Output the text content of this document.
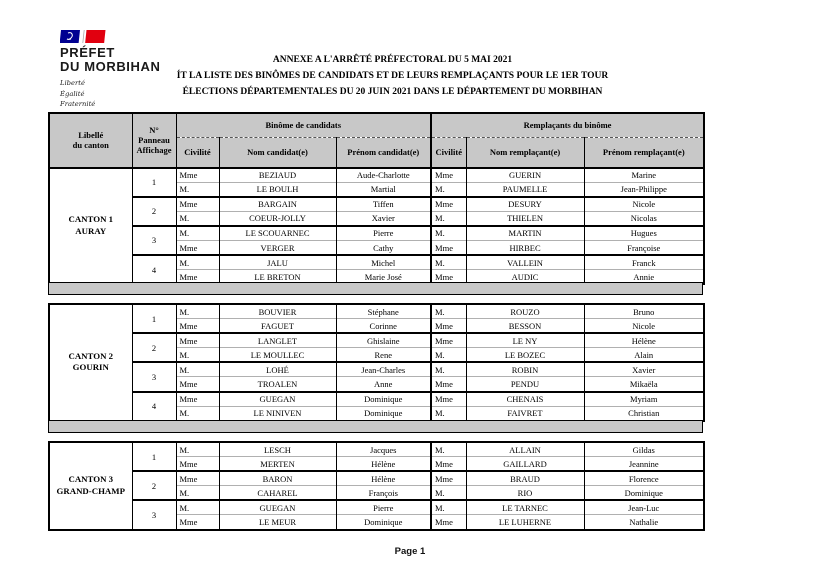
PRÉFET
DU MORBIHAN
Liberté
Égalité
Fraternité
ANNEXE A L'ARRÊTÉ PRÉFECTORAL DU 5 MAI 2021
ÍT LA LISTE DES BINÔMES DE CANDIDATS ET DE LEURS REMPLAÇANTS POUR LE 1ER TOUR
ÉLECTIONS DÉPARTEMENTALES DU 20 JUIN 2021 DANS LE DÉPARTEMENT DU MORBIHAN
Libellé
du canton	N°
Panneau
Affichage	Binôme de candidats			Remplaçants du binôme		
		Civilité	Nom candidat(e)	Prénom candidat(e)	Civilité	Nom remplaçant(e)	Prénom remplaçant(e)

CANTON 1
AURAY	1	Mme	BEZIAUD	Aude-Charlotte	Mme	GUERIN	Marine
		M.	LE BOULH	Martial	M.	PAUMELLE	Jean-Philippe
	2	Mme	BARGAIN	Tiffen	Mme	DESURY	Nicole
		M.	COEUR-JOLLY	Xavier	M.	THIELEN	Nicolas
	3	M.	LE SCOUARNEC	Pierre	M.	MARTIN	Hugues
		Mme	VERGER	Cathy	Mme	HIRBEC	Françoise
	4	M.	JALU	Michel	M.	VALLEIN	Franck
		Mme	LE BRETON	Marie José	Mme	AUDIC	Annie
CANTON 2
GOURIN	1	M.	BOUVIER	Stéphane	M.	ROUZO	Bruno
		Mme	FAGUET	Corinne	Mme	BESSON	Nicole
	2	Mme	LANGLET	Ghislaine	Mme	LE NY	Hélène
		M.	LE MOULLEC	Rene	M.	LE BOZEC	Alain
	3	M.	LOHÉ	Jean-Charles	M.	ROBIN	Xavier
		Mme	TROALEN	Anne	Mme	PENDU	Mikaëla
	4	Mme	GUEGAN	Dominique	Mme	CHENAIS	Myriam
		M.	LE NINIVEN	Dominique	M.	FAIVRET	Christian
CANTON 3
GRAND-CHAMP	1	M.	LESCH	Jacques	M.	ALLAIN	Gildas
		Mme	MERTEN	Hélène	Mme	GAILLARD	Jeannine
	2	Mme	BARON	Hélène	Mme	BRAUD	Florence
		M.	CAHAREL	François	M.	RIO	Dominique
	3	M.	GUEGAN	Pierre	M.	LE TARNEC	Jean-Luc
		Mme	LE MEUR	Dominique	Mme	LE LUHERNE	Nathalie
Page 1
